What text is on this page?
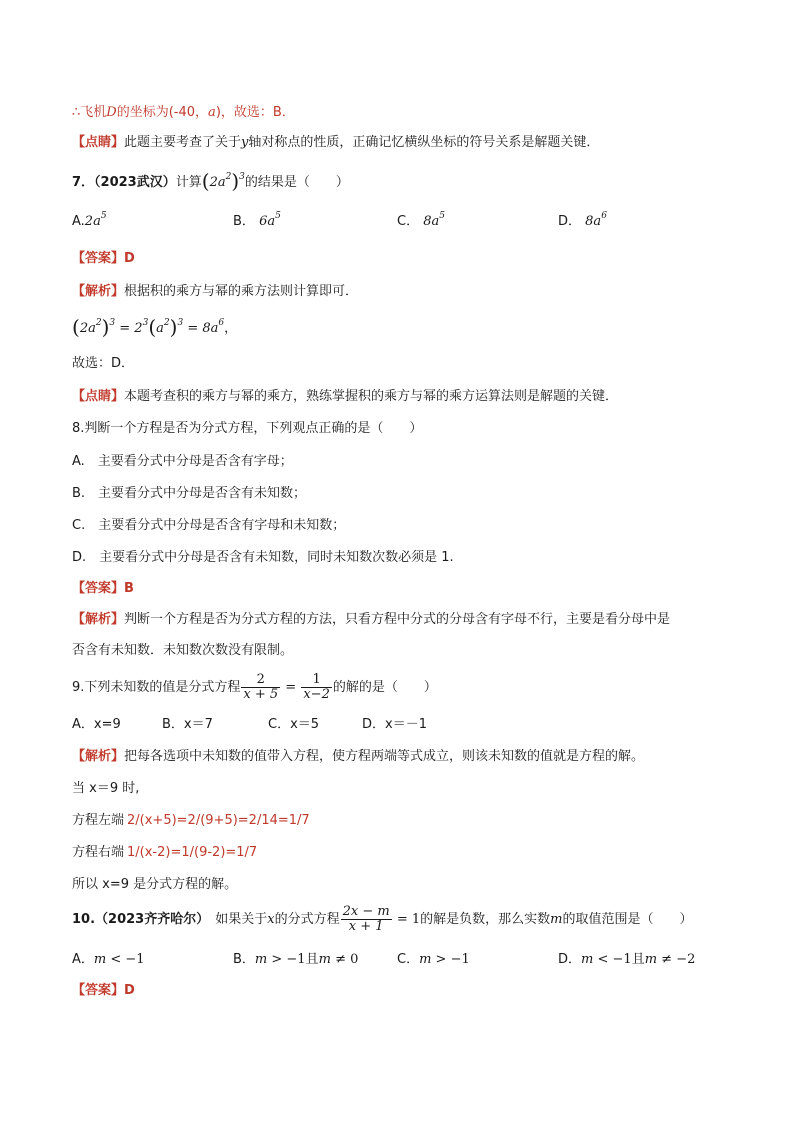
∴飞机D的坐标为(-40，a)，故选：B．
【点睛】此题主要考查了关于y轴对称点的性质，正确记忆横纵坐标的符号关系是解题关键．
7．（2023武汉）计算$(2a^2)^3$的结果是（　　）
$A.2a^5$	B． $6a^5$	C． $8a^5$	D． $8a^6$
【答案】D
【解析】根据积的乘方与幂的乘方法则计算即可．
$(2a^2)^3 = 2^3(a^2)^3 = 8a^6$，
故选：D．
【点睛】本题考查积的乘方与幂的乘方，熟练掌握积的乘方与幂的乘方运算法则是解题的关键．
8.判断一个方程是否为分式方程，下列观点正确的是（　　）
A.　主要看分式中分母是否含有字母；
B.　主要看分式中分母是否含有未知数；
C.　主要看分式中分母是否含有字母和未知数；
D.　主要看分式中分母是否含有未知数，同时未知数次数必须是 1.
【答案】B
【解析】判断一个方程是否为分式方程的方法，只看方程中分式的分母含有字母不行，主要是看分母中是
否含有未知数．未知数次数没有限制。
9.下列未知数的值是分式方程 $\frac{2}{x + 5} = \frac{1}{x-2}$ 的解的是（　　）
A．x=9	B．x＝7	C．x＝5	D．x＝－1
【解析】把每各选项中未知数的值带入方程，使方程两端等式成立，则该未知数的值就是方程的解。
当 x＝9 时,
方程左端 2/(x+5)=2/(9+5)=2/14=1/7
方程右端 1/(x-2)=1/(9-2)=1/7
所以 x=9 是分式方程的解。
10.（2023齐齐哈尔） 如果关于x的分式方程 $\frac{2x - m}{x + 1} = 1$的解是负数，那么实数m的取值范围是（　　）
A．m < −1	B．m > −1且m ≠ 0	C．m > −1	D．m < −1且m ≠ −2
【答案】D
